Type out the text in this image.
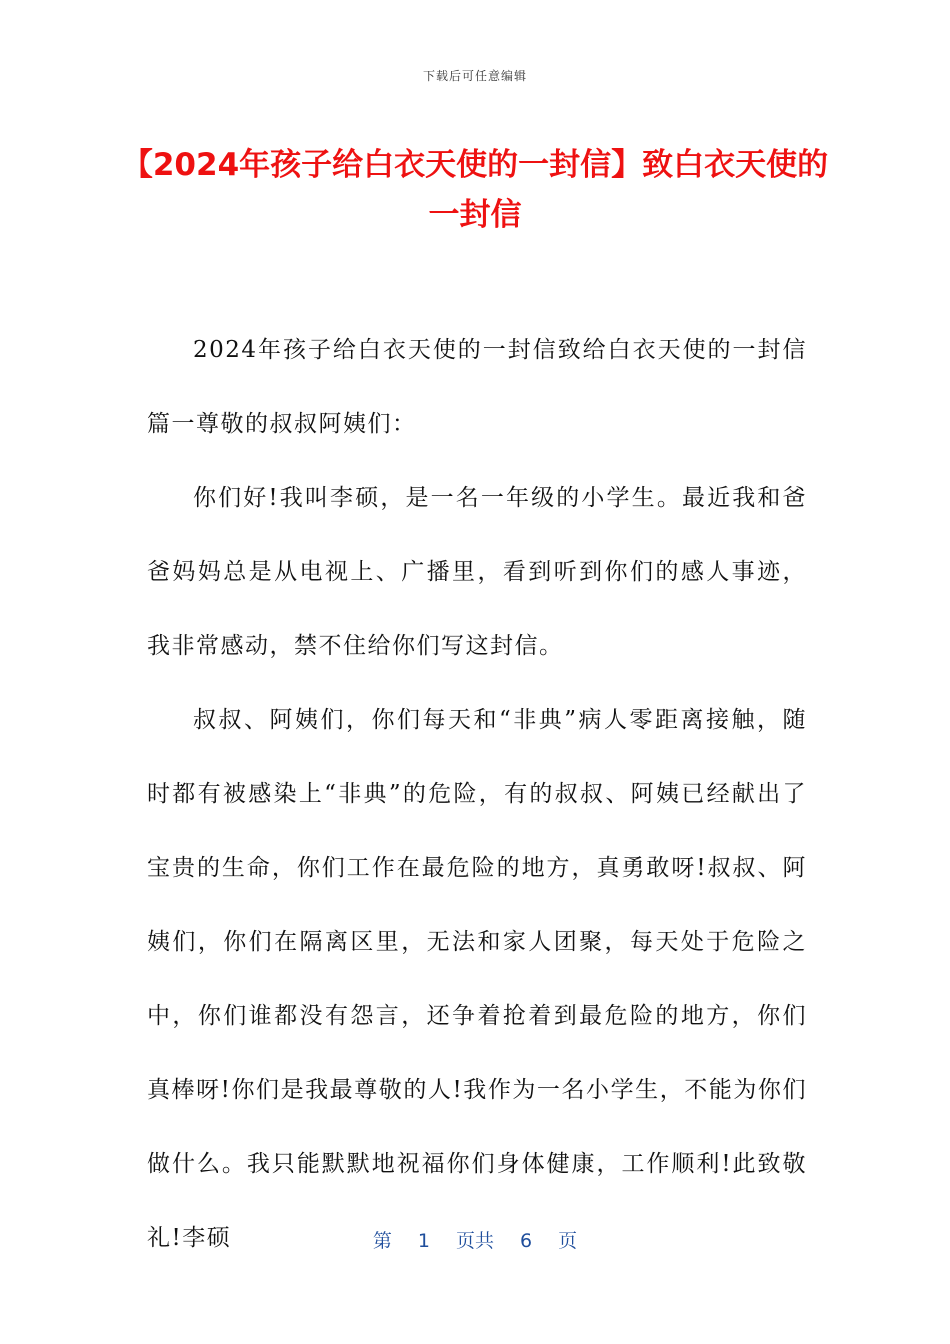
下载后可任意编辑
【2024年孩子给白衣天使的一封信】致白衣天使的一封信

2024年孩子给白衣天使的一封信致给白衣天使的一封信篇一尊敬的叔叔阿姨们：

你们好!我叫李硕，是一名一年级的小学生。最近我和爸爸妈妈总是从电视上、广播里，看到听到你们的感人事迹，我非常感动，禁不住给你们写这封信。

叔叔、阿姨们，你们每天和“非典”病人零距离接触，随时都有被感染上“非典”的危险，有的叔叔、阿姨已经献出了宝贵的生命，你们工作在最危险的地方，真勇敢呀!叔叔、阿姨们，你们在隔离区里，无法和家人团聚，每天处于危险之中，你们谁都没有怨言，还争着抢着到最危险的地方，你们真棒呀!你们是我最尊敬的人!我作为一名小学生，不能为你们做什么。我只能默默地祝福你们身体健康，工作顺利!此致敬礼!李硕	第 1 页共 6 页
